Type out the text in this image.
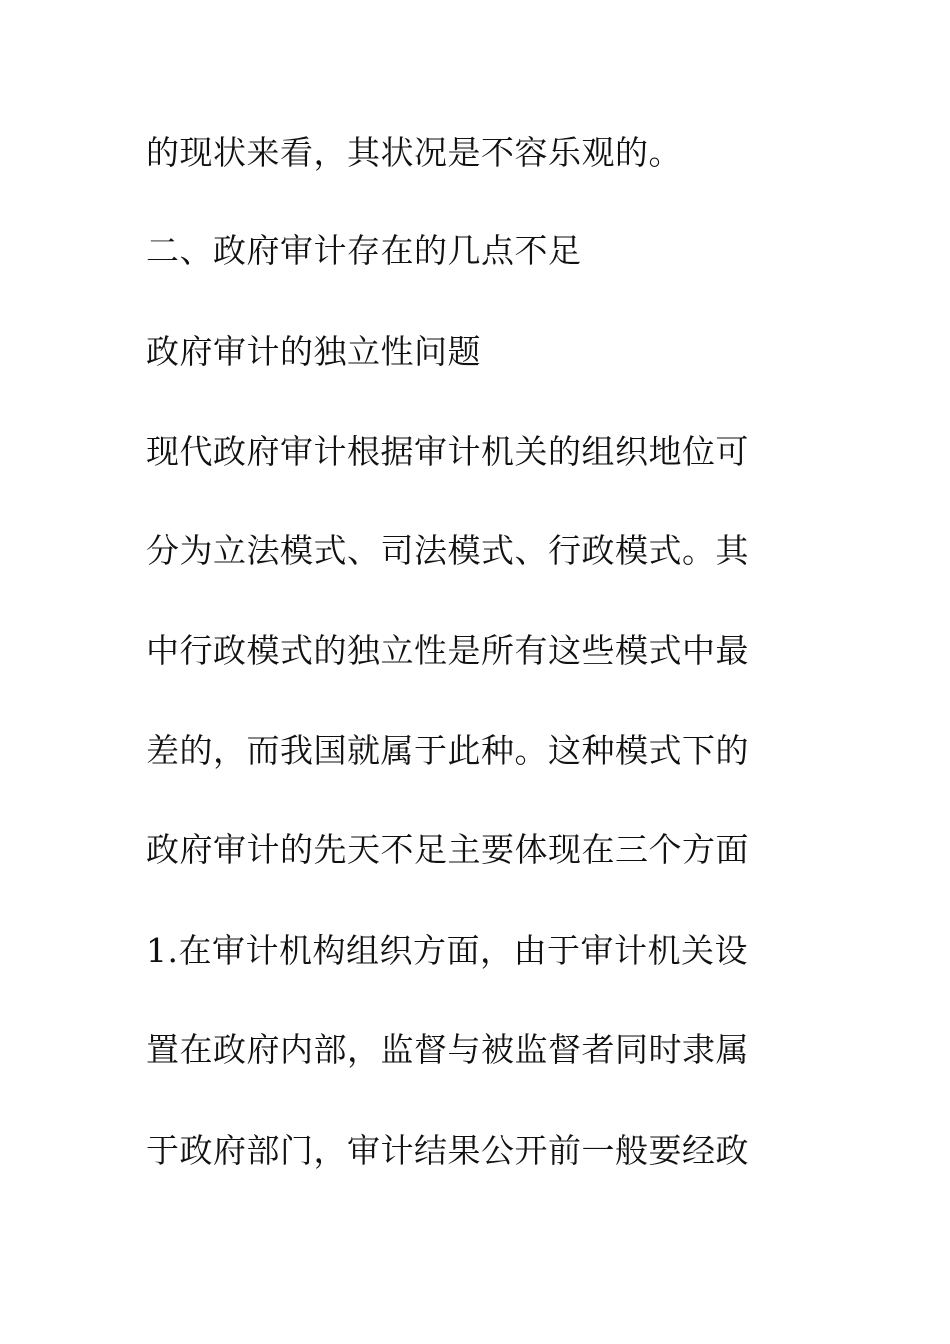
的现状来看，其状况是不容乐观的。
二、政府审计存在的几点不足
政府审计的独立性问题
现代政府审计根据审计机关的组织地位可
分为立法模式、司法模式、行政模式。其
中行政模式的独立性是所有这些模式中最
差的，而我国就属于此种。这种模式下的
政府审计的先天不足主要体现在三个方面
1.在审计机构组织方面，由于审计机关设
置在政府内部，监督与被监督者同时隶属
于政府部门，审计结果公开前一般要经政
